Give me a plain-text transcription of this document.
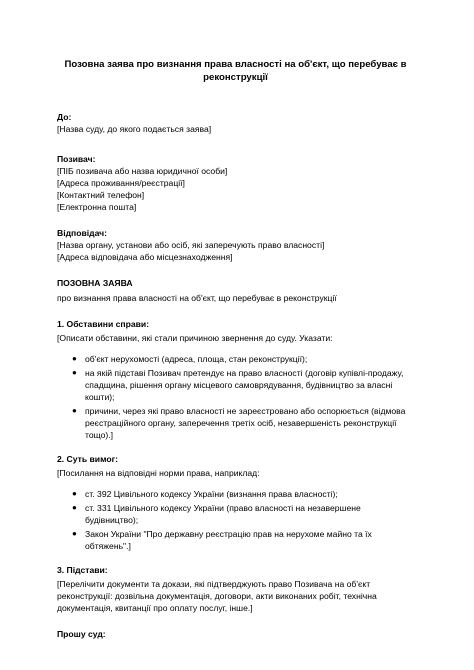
Позовна заява про визнання права власності на об'єкт, що перебуває в реконструкції
До:
[Назва суду, до якого подається заява]
Позивач:
[ПІБ позивача або назва юридичної особи]
[Адреса проживання/реєстрації]
[Контактний телефон]
[Електронна пошта]
Відповідач:
[Назва органу, установи або осіб, які заперечують право власності]
[Адреса відповідача або місцезнаходження]
ПОЗОВНА ЗАЯВА
про визнання права власності на об'єкт, що перебуває в реконструкції
1. Обставини справи:
[Описати обставини, які стали причиною звернення до суду. Указати:
● об'єкт нерухомості (адреса, площа, стан реконструкції);
● на якій підставі Позивач претендує на право власності (договір купівлі-продажу, спадщина, рішення органу місцевого самоврядування, будівництво за власні кошти);
● причини, через які право власності не зареєстровано або оспорюється (відмова реєстраційного органу, заперечення третіх осіб, незавершеність реконструкції тощо).]
2. Суть вимог:
[Посилання на відповідні норми права, наприклад:
● ст. 392 Цивільного кодексу України (визнання права власності);
● ст. 331 Цивільного кодексу України (право власності на незавершене будівництво);
● Закон України "Про державну реєстрацію прав на нерухоме майно та їх обтяжень".]
3. Підстави:
[Перелічити документи та докази, які підтверджують право Позивача на об'єкт реконструкції: дозвільна документація, договори, акти виконаних робіт, технічна документація, квитанції про оплату послуг, інше.]
Прошу суд:
